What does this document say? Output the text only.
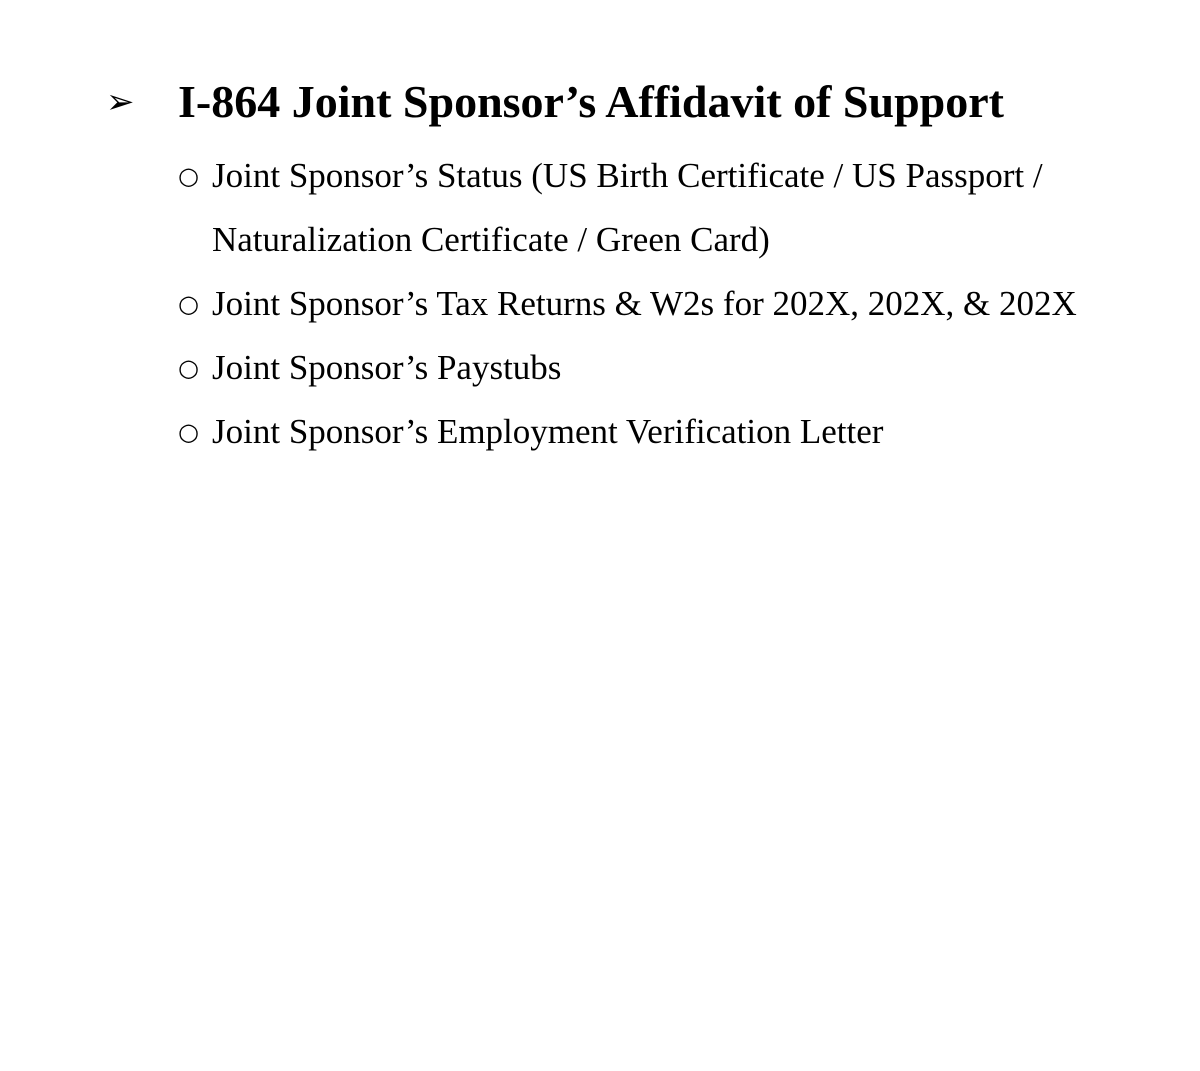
➢ I-864 Joint Sponsor’s Affidavit of Support
○ Joint Sponsor’s Status (US Birth Certificate / US Passport / Naturalization Certificate / Green Card)
○ Joint Sponsor’s Tax Returns & W2s for 202X, 202X, & 202X
○ Joint Sponsor’s Paystubs
○ Joint Sponsor’s Employment Verification Letter
